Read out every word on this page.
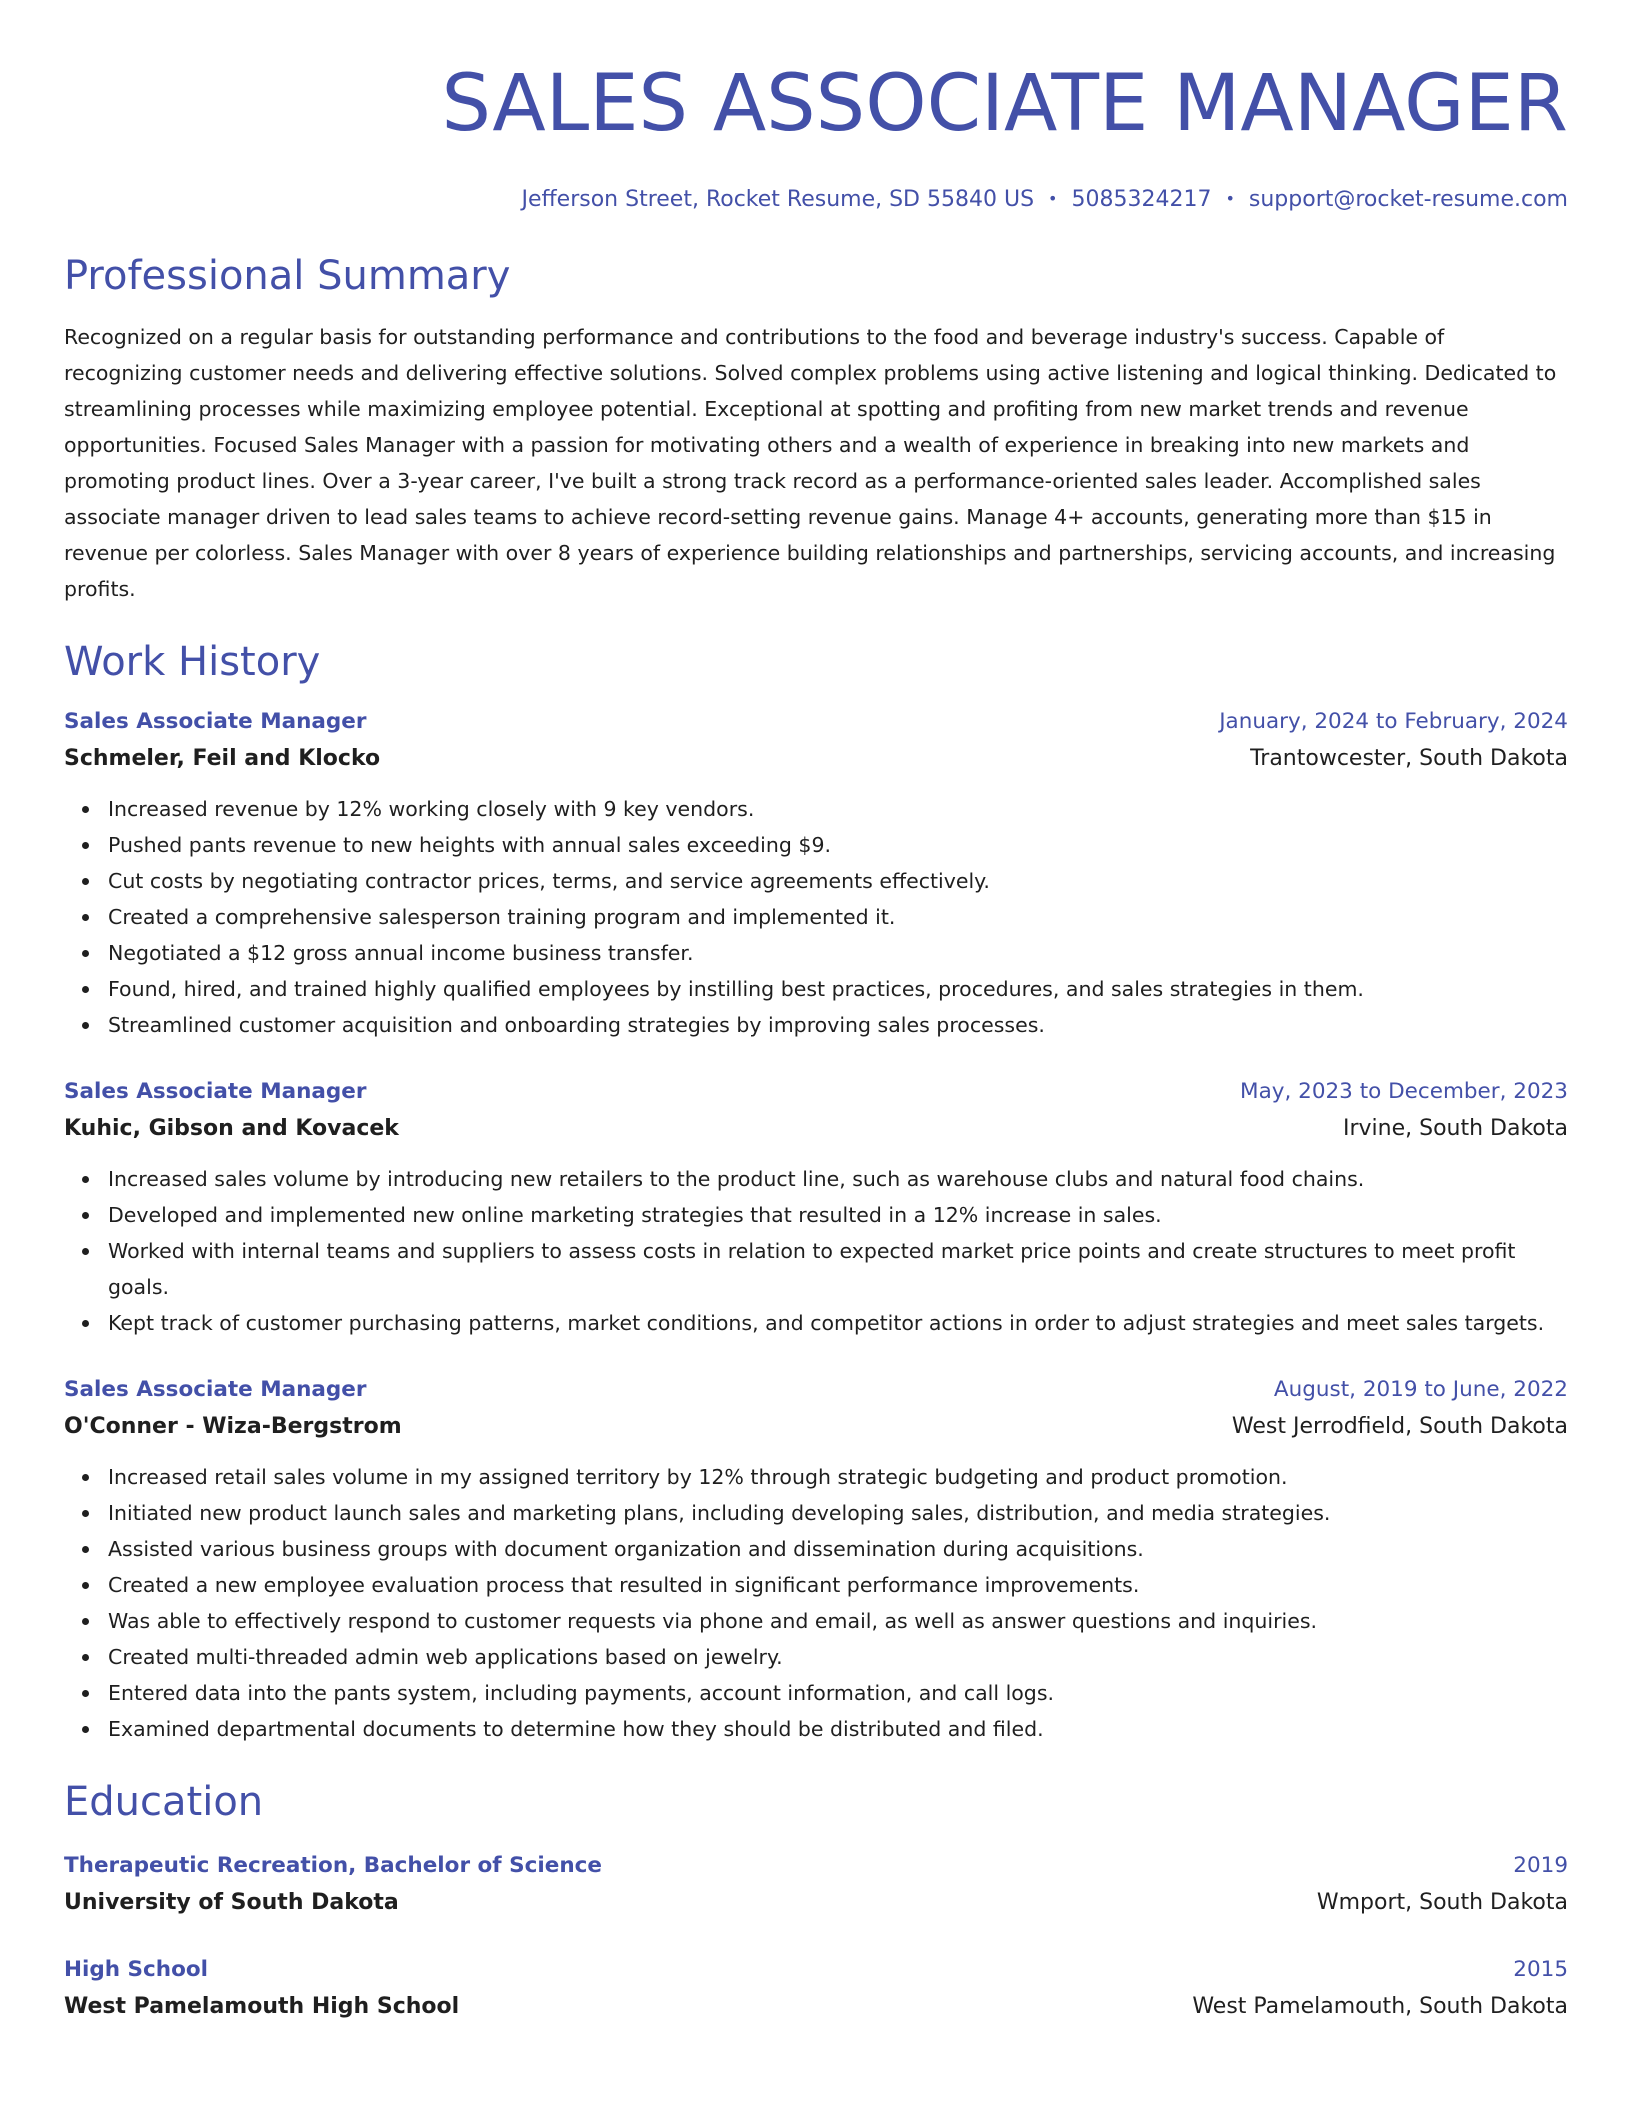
SALES ASSOCIATE MANAGER
Jefferson Street, Rocket Resume, SD 55840 US • 5085324217 • support@rocket-resume.com
Professional Summary

Recognized on a regular basis for outstanding performance and contributions to the food and beverage industry's success. Capable of recognizing customer needs and delivering effective solutions. Solved complex problems using active listening and logical thinking. Dedicated to streamlining processes while maximizing employee potential. Exceptional at spotting and profiting from new market trends and revenue opportunities. Focused Sales Manager with a passion for motivating others and a wealth of experience in breaking into new markets and promoting product lines. Over a 3-year career, I've built a strong track record as a performance-oriented sales leader. Accomplished sales associate manager driven to lead sales teams to achieve record-setting revenue gains. Manage 4+ accounts, generating more than $15 in revenue per colorless. Sales Manager with over 8 years of experience building relationships and partnerships, servicing accounts, and increasing profits.

Work History
Sales Associate Manager	January, 2024 to February, 2024
Schmeler, Feil and Klocko	Trantowcester, South Dakota
Increased revenue by 12% working closely with 9 key vendors.
Pushed pants revenue to new heights with annual sales exceeding $9.
Cut costs by negotiating contractor prices, terms, and service agreements effectively.
Created a comprehensive salesperson training program and implemented it.
Negotiated a $12 gross annual income business transfer.
Found, hired, and trained highly qualified employees by instilling best practices, procedures, and sales strategies in them.
Streamlined customer acquisition and onboarding strategies by improving sales processes.
Sales Associate Manager	May, 2023 to December, 2023
Kuhic, Gibson and Kovacek	Irvine, South Dakota
Increased sales volume by introducing new retailers to the product line, such as warehouse clubs and natural food chains.
Developed and implemented new online marketing strategies that resulted in a 12% increase in sales.
Worked with internal teams and suppliers to assess costs in relation to expected market price points and create structures to meet profit goals.
Kept track of customer purchasing patterns, market conditions, and competitor actions in order to adjust strategies and meet sales targets.
Sales Associate Manager	August, 2019 to June, 2022
O'Conner - Wiza-Bergstrom	West Jerrodfield, South Dakota
Increased retail sales volume in my assigned territory by 12% through strategic budgeting and product promotion.
Initiated new product launch sales and marketing plans, including developing sales, distribution, and media strategies.
Assisted various business groups with document organization and dissemination during acquisitions.
Created a new employee evaluation process that resulted in significant performance improvements.
Was able to effectively respond to customer requests via phone and email, as well as answer questions and inquiries.
Created multi-threaded admin web applications based on jewelry.
Entered data into the pants system, including payments, account information, and call logs.
Examined departmental documents to determine how they should be distributed and filed.
Education
Therapeutic Recreation, Bachelor of Science	2019
University of South Dakota	Wmport, South Dakota
High School	2015
West Pamelamouth High School	West Pamelamouth, South Dakota
